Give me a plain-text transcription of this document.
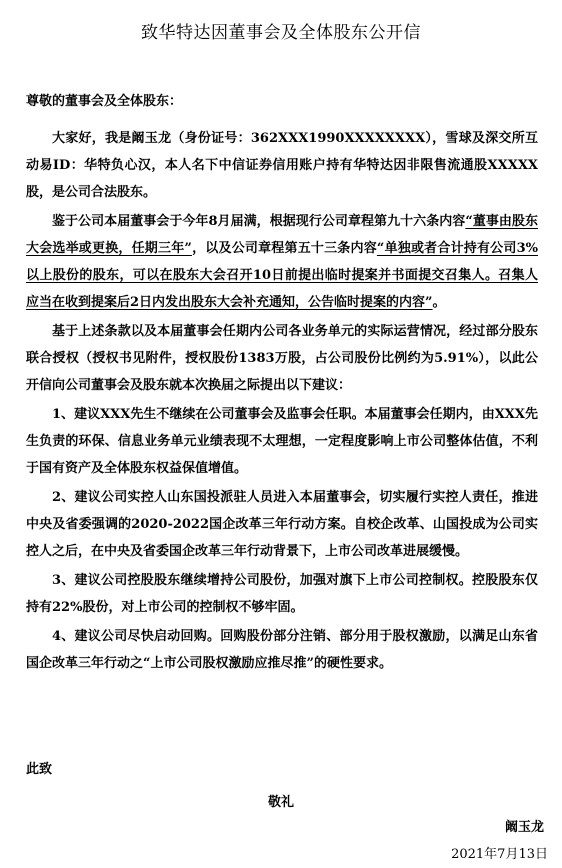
致华特达因董事会及全体股东公开信
尊敬的董事会及全体股东：

大家好，我是阚玉龙（身份证号：362XXX1990XXXXXXXX），雪球及深交所互动易ID：华特负心汉，本人名下中信证券信用账户持有华特达因非限售流通股XXXXX股，是公司合法股东。

鉴于公司本届董事会于今年8月届满，根据现行公司章程第九十六条内容“董事由股东大会选举或更换，任期三年”，以及公司章程第五十三条内容“单独或者合计持有公司3%以上股份的股东，可以在股东大会召开10日前提出临时提案并书面提交召集人。召集人应当在收到提案后2日内发出股东大会补充通知，公告临时提案的内容”。

基于上述条款以及本届董事会任期内公司各业务单元的实际运营情况，经过部分股东联合授权（授权书见附件，授权股份1383万股，占公司股份比例约为5.91%），以此公开信向公司董事会及股东就本次换届之际提出以下建议：

1、建议XXX先生不继续在公司董事会及监事会任职。本届董事会任期内，由XXX先生负责的环保、信息业务单元业绩表现不太理想，一定程度影响上市公司整体估值，不利于国有资产及全体股东权益保值增值。

2、建议公司实控人山东国投派驻人员进入本届董事会，切实履行实控人责任，推进中央及省委强调的2020-2022国企改革三年行动方案。自校企改革、山国投成为公司实控人之后，在中央及省委国企改革三年行动背景下，上市公司改革进展缓慢。

3、建议公司控股股东继续增持公司股份，加强对旗下上市公司控制权。控股股东仅持有22%股份，对上市公司的控制权不够牢固。

4、建议公司尽快启动回购。回购股份部分注销、部分用于股权激励，以满足山东省国企改革三年行动之“上市公司股权激励应推尽推”的硬性要求。

此致
敬礼
阚玉龙
2021年7月13日
